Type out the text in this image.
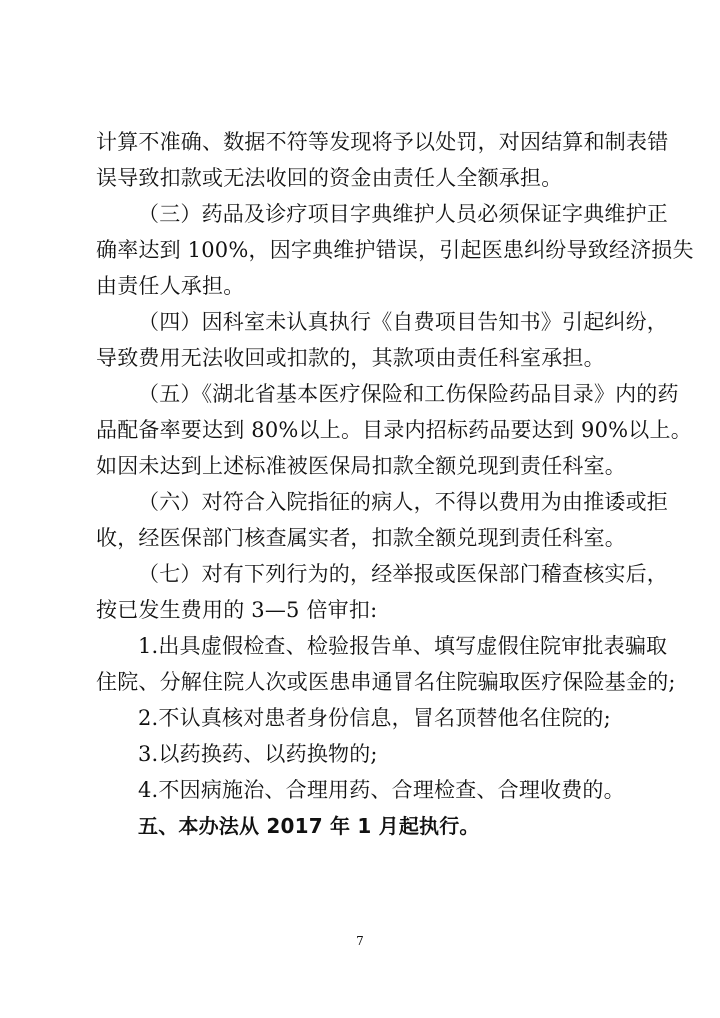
计算不准确、数据不符等发现将予以处罚，对因结算和制表错
误导致扣款或无法收回的资金由责任人全额承担。
（三）药品及诊疗项目字典维护人员必须保证字典维护正
确率达到 100%，因字典维护错误，引起医患纠纷导致经济损失
由责任人承担。
（四）因科室未认真执行《自费项目告知书》引起纠纷，
导致费用无法收回或扣款的，其款项由责任科室承担。
（五）《湖北省基本医疗保险和工伤保险药品目录》内的药
品配备率要达到 80%以上。目录内招标药品要达到 90%以上。
如因未达到上述标准被医保局扣款全额兑现到责任科室。
（六）对符合入院指征的病人，不得以费用为由推诿或拒
收，经医保部门核查属实者，扣款全额兑现到责任科室。
（七）对有下列行为的，经举报或医保部门稽查核实后，
按已发生费用的 3—5 倍审扣:
1.出具虚假检查、检验报告单、填写虚假住院审批表骗取
住院、分解住院人次或医患串通冒名住院骗取医疗保险基金的;
2.不认真核对患者身份信息，冒名顶替他名住院的;
3.以药换药、以药换物的;
4.不因病施治、合理用药、合理检查、合理收费的。
五、本办法从 2017 年 1 月起执行。
7
